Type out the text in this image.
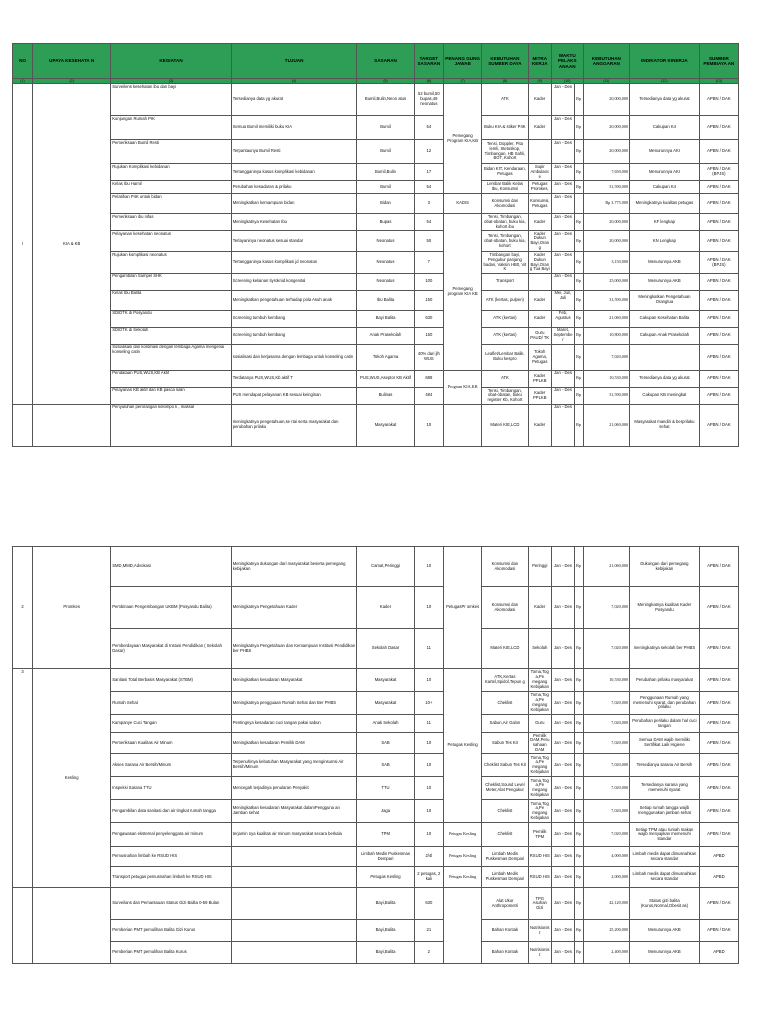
NO	UPAYA KESEHATA N	KEGIATAN	TUJUAN	SASARAN	TARGET SASARAN	PENANG GUNG JAWAB	KEBUTUHAN SUMBER DAYA	MITRA KERJA	WAKTU PELAKS ANAAN		KEBUTUHAN ANGGARAN	INDIKATOR KINERJA	SUMBER PEMBIAYA AN
(1)	(2)	(3)	(4)	(5)	(6)	(7)	(8)	(9)	(10)		(11)	(12)	(13)
I	KIA & KB	Surveilens kesehatan ibu dan bayi	Tersedianya data yg akurat	Bumil,Bulin,Neon atus	52 bumil,50 bupas,48 neonatus	Pemegang Program KIA,KB	ATK	Kader	Jan - Des	Rp	20,000,000	Tersedianya data yg akurat	APBN / DAK
		Kunjungan Rumah PIK	Semua Bumil memiliki buku KIA	Bumil	54		Buku KIA & stiker P4K	Kader	Jan - Des	Rp	20,000,000	Cakupan K4	APBN / DAK
		Pemeriksaan Bumil Resti	Terpantaunya Bumil Resti	Bumil	12		Tensi, Doppler, Pita lemli, Stetoskop, Timbangan, HB Sahli, BGT, Kohort		Jan - Des	Rp	20,000,000	Menurunnya AKI	APBN / DAK
		Rujukan Komplikasi kebidanan	Tertangganinya kasus komplikasi kebidanan	Bumil,Bulin	17		Bidan KIT, Kendaraan, Petugas	Supir Ambulance	Jan - Des	Rp	7,650,000	Menurunnya AKI	APBN / DAK (BPJS)
		Kelas Ibu Hamil	Perubahan kesadaran & prilaku	Bumil	54		Lembar Balik Kelas Ibu, Konsumsi	Petugas Promkes,	Jan - Des	Rp	31,590,000	Cakupan K4	APBN / DAK
		Pelatihan P4K untuk bidan	Meningkatkan kemampuan bidan	Bidan	3	KADIS	Konsumsi dan Akomodasi	Konsumsi, Petugas	Jan - Des		Rp 3.775.000	Meningkatnya kualitas petugas	APBN / DAK
		Pemeriksaan ibu nifas	Meningkatnya Kesehatan Ibu	Bupas	54	Pemegang program KIA KB	Tensi, Timbangan, obat-obatan, buku kia, kohort ibu	Kader	Jan - Des	Rp	20,000,000	KF lengkap	APBN / DAK
		Pelayanan kesehatan neonatus	Terlayaninya neonatus sesuai standar	Neonatus	50		Tensi, Timbangan, obat-obatan, buku kia, kohort	Kader Dukun Bayi,Orang	Jan - Des	Rp	20,000,000	KN Lengkap	APBN / DAK
		Rujukan komplikasi neonatus	Tertangganinya kasus komplikasi jd neonatus	Neonatus	7		Timbangan bayi, Pengukur panjang badan, Vaksin HB0, Vit K	Kader Dukun Bayi,Orang Tua Bayi	Jan - Des	Rp	3,150,000	Menurunnya AKB	APBN / DAK (BPJS)
		Pengambilan Sampel SHK	Screening kelainan tiyroknid kongenital	Neonatus	100		Transport		Jan - Des	Rp	25,000,000	Menurunnya AKB	APBN / DAK
		Kelas Ibu Balita	Meningkatkan pengetahuan terhadap pola Asuh anak	Ibu Balita	150		ATK (kertas, pulpen)	Kader	Mei, Jun, Juli	Rp	31,590,000	Meningkatkan Pengetahuan Orangtua	APBN / DAK
		SDIDTK di Posyandu	Screening tumbuh kembang	Bayi Balita	630		ATK (kertas)	Kader	Feb, Agustus	Rp	21,060,000	Cakupan Kesehatan Balita	APBN / DAK
		SDIDTK di Sekolah	Screening tumbuh kembang	Anak Prasekolah	150		ATK (kertas)	Guru PAUD/ TK	Maret, September	Rp	10,800,000	Cakupan Anak Prasekolah	APBN / DAK
		Sosialisasi dan kordinasi dengan lembaga Agama mengenai konseling catin	sosialisasi dan kerjasama dengan lembaga untuk konseling catin	Tokoh Agama	40% dari jlh WUS		Leaflet/Lembar Balik, Buku kespro	Tokoh Agama, Petugas		Rp	7,020,000		APBN / DAK
		Pendataan PUS,WUS,KB Aktif	Terdatanya PUS,WUS,Kb aktif T	PUS,WUS,Aseptor KB Aktif	689	Program KIA,KB	ATK	Kader PPLKB	Jan - Des	Rp	10,530,000	Tersedianya data yg akurat	APBN / DAK
		Pelayanan KB aktif dan KB pasca salin	PUS mendapat pelayanan KB sesuai keinginan	Bulinas	484		Tensi, Timbangan, obat-obatan, buku register Kb, Kohort	Kader PPLKB	Jan - Des	Rp	31,590,000	Cakupan KB meningkat	APBN / DAK
		Penyuluhan perorangan kelompo k , massal	meningkatnya pengetahuan,se rtai serta masyarakat dan perubahan prilaku	Masyarakat	10		Materi KIE,LCD	Kader	Jan - Des	Rp	21,060,000	Masyarakat mandiri & berprilaku sehat	APBN / DAK
2	Promkes	SMD,MMD,Advokasi	Meningkatnya dukungan dari masyarakat beserta pemegang kebijakan	Camat,Peringgi	10	PetugasPr omkes	Konsumsi dan Akomodasi	Peringgi	Jan - Des	Rp	21,060,000	Dukungan dari pemegang kebijakan	APBN / DAK
		Pembinaan Pengembangan UKBM (Posyandu Balita)	Meningkatnya Pengetahuan Kader	Kader	10		Konsumsi dan Akomodasi	Kader	Jan - Des	Rp	7,020,000	Meningkatnya kualitas Kader Posyandu	APBN / DAK
		Pemberdayaan Masyarakat di Instusi Pendidikan ( Sekolah Dasar)	Meningkatnya Pengetahuan dan Kemampuan Institusi Pendidikan ber PHBS	Sekolah Dasar	11		Materi KIE,LCD	Sekolah	Jan - Des	Rp	7,020,000	meningkatnya sekolah ber PHBS	APBN / DAK
3	Kesling	Sanitasi Total Berbasis Masyarakat (STBM)	Meningkatkan kesadaran Masyarakat	Masyarakat	10	Petugas Kesling	ATK,Kertas Kartel,Spidol,Tepun g	Toma,Tog a,Pe megang Kebijakan	Jan - Des	Rp	10,530,000	Perubahan prilaku masyarakat	APBN / DAK
		Rumah Sehat	Meningkatnya pengguaan Rumah Sehat dan Ber PHBS	Masyarakat	10+		Cheklist	Toma,Tog a,Pe megang Kebijakan	Jan - Des	Rp	7,020,000	Penggunaan Rumah yang memenuhi syarat, dan perubahan prilaku	APBN / DAK
		Kampanye Cuci Tangan	Pentingnya kesadaran cuci tangan pakai sabun	Anak Sekolah	11		Sabun,Air Galon	Guru	Jan - Des	Rp	7,020,000	Perubahan perilaku dalam hal cuci tangan	APBN / DAK
		Pemeriksaan Kualitas Air Minum	Meningkatkan kesadaran Pemilik DAM	SAB	10		Sabun Tes Kit	Pemilik DAM,Peru sahaan DAM	Jan - Des	Rp	7,020,000	Semua DAM wajib memiliki Sertifikat Laik Higiene	APBN / DAK
		Akses Sarana Air Bersih/Minum	Terpenuhinya kebutuhan Masyarakat yang menginsumsi Air Bersih/Minum	SAB	10		Cheklist Sabun Tes Kit	Toma,Tog a,Pe megang Kebijakan	Jan - Des	Rp	7,020,000	Tersedianya sarana Air Bersih	APBN / DAK
		Inspeksi Sarana TTU	Mencegah terjadinya penularan Penyakit	TTU	10		Cheklist,Sound Level Meter,Alat Pengukur	Toma,Tog a,Pe megang Kebijakan	Jan - Des	Rp	7,020,000	Tersedianya sarana yang memenuhi syarat	APBN / DAK
		Pengambilan data sanitasi dan air tingkat rumah tangga	Meningkatkan kesadaran Masyarakat dalamPengguna an Jamban sehat	Jaga	10		Cheklist	Toma,Tog a,Pe megang Kebijakan	Jan - Des	Rp	7,020,000	Setiap rumah tangga wajib menggunakan jamban sehat	APBN / DAK
		Pengawasan eksternal penyelenggara air minum	terjamin nya kualitas air minum masyarakat secara berkala	TPM	10	Petugas Kesling	Cheklist	Pemilik TPM	Jan - Des	Rp	7,020,000	Setiap TPM atau rumah makan wajib menyajikan memenuhi standar	APBN / DAK
		Pemusnahan limbah ke RSUD HIS		Limbah Medis Puskesmas Dempari	2/4l	Petugas Kesling	Limbah Medis Puskesmas Dempari	RSUD HIS	Jan - Des	Rp	4,000,000	Limbah medis dapat dimusnahkan secara standar	APBD
		Transport petugas pemusnahan limbah ke RSUD HIS		Petugas Kesling	2 petugas, 2 kali	Petugas Kesling	Limbah Medis Puskesmas Dempari	RSUD HIS	Jan - Des	Rp	2,000,000	Limbah medis dapat dimusnahkan secara standar	APBD
		Surveilans dan Pemantauan Status Gizi Balita 0-59 Bulan		Bayi,Balita	630		Alat Ukur Anthropometri	TPG Asuhan Gizi	Jan - Des	Rp	42,120,000	Status gizi balita (Kurus,Normal,Obesit as)	APBN / DAK
		Pemberian PMT pemulihan Balita Gizi Kurus		Bayi,Balita	21		Bahan Kontak	Nutrisionist	Jan - Des	Rp	25,200,000	Menurunnya AKB	APBN / DAK
		Pemberian PMT pemulihan Balita Kurus		Bayi,Balita	2		Bahan Kontak	Nutrisionist	Jan - Des	Rp	2,400,000	Menurunnya AKB	APBD
